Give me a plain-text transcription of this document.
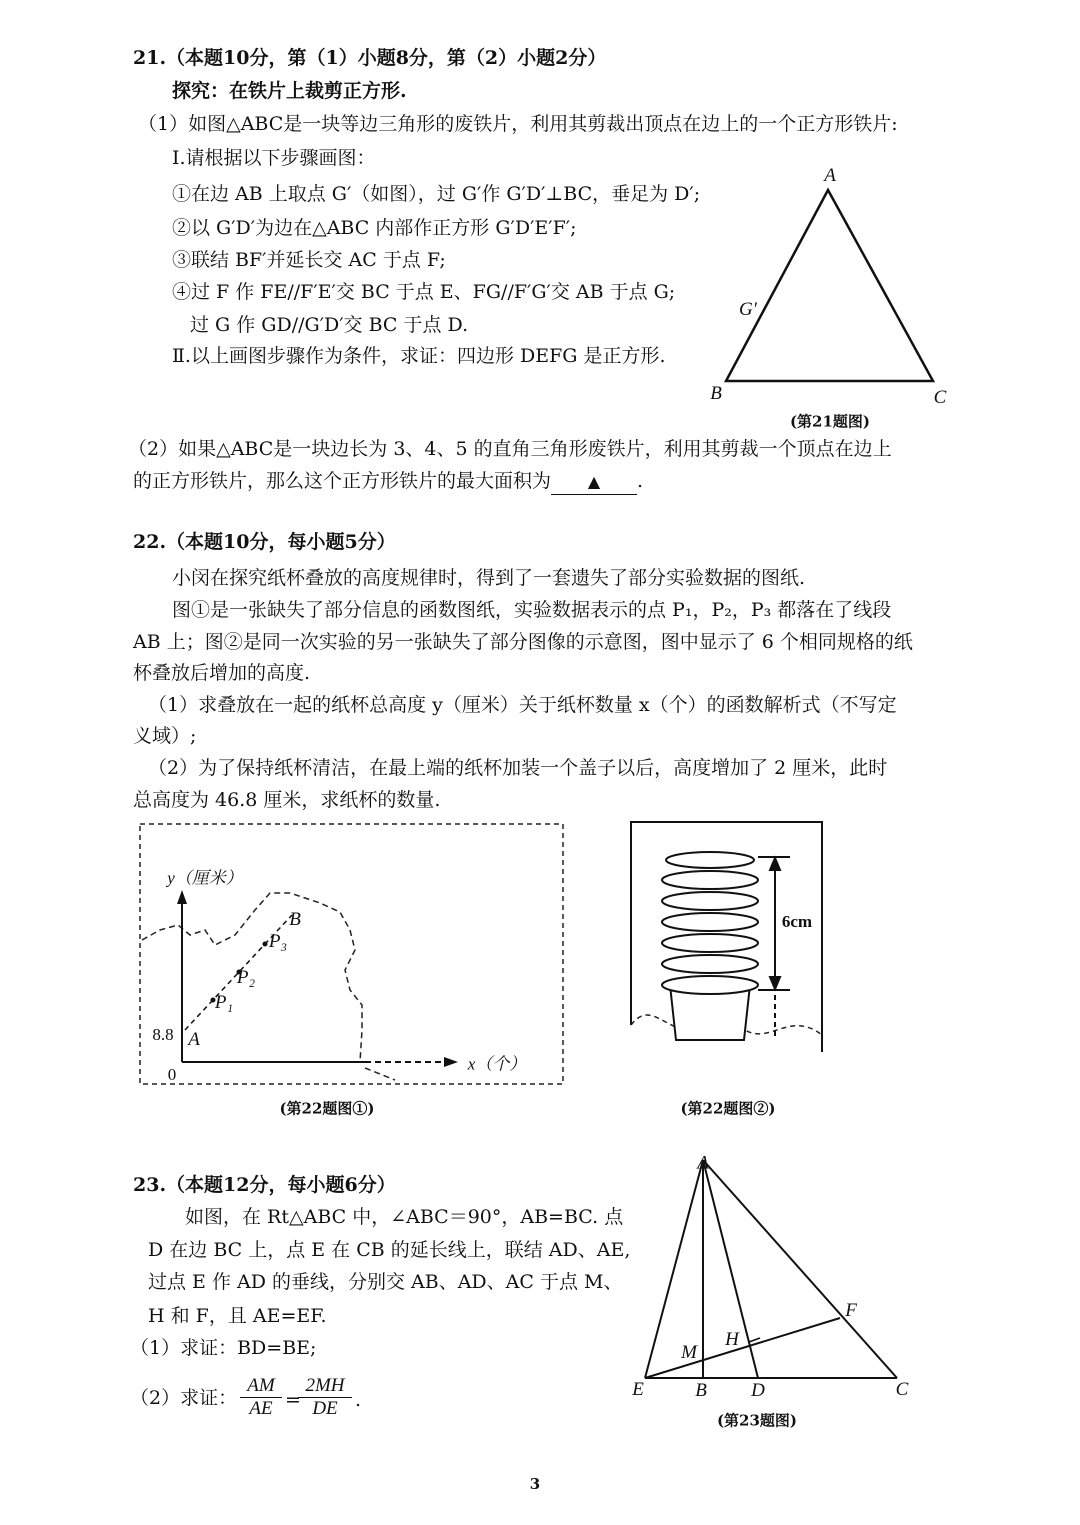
21.（本题10分，第（1）小题8分，第（2）小题2分）
探究：在铁片上裁剪正方形.
（1）如图△ABC是一块等边三角形的废铁片，利用其剪裁出顶点在边上的一个正方形铁片:
Ⅰ.请根据以下步骤画图：
①在边 AB 上取点 G′（如图），过 G′作 G′D′⊥BC，垂足为 D′;
②以 G′D′为边在△ABC 内部作正方形 G′D′E′F′;
③联结 BF′并延长交 AC 于点 F;
④过 F 作 FE//F′E′交 BC 于点 E、FG//F′G′交 AB 于点 G;
过 G 作 GD//G′D′交 BC 于点 D.
Ⅱ.以上画图步骤作为条件，求证：四边形 DEFG 是正方形.
（2）如果△ABC是一块边长为 3、4、5 的直角三角形废铁片，利用其剪裁一个顶点在边上
的正方形铁片，那么这个正方形铁片的最大面积为 ▲ .
A
G′
B	C
(第21题图)
22.（本题10分，每小题5分）
小闵在探究纸杯叠放的高度规律时，得到了一套遗失了部分实验数据的图纸.
图①是一张缺失了部分信息的函数图纸，实验数据表示的点 P₁，P₂，P₃ 都落在了线段
AB 上；图②是同一次实验的另一张缺失了部分图像的示意图，图中显示了 6 个相同规格的纸
杯叠放后增加的高度.
（1）求叠放在一起的纸杯总高度 y（厘米）关于纸杯数量 x（个）的函数解析式（不写定
义域）;
（2）为了保持纸杯清洁，在最上端的纸杯加装一个盖子以后，高度增加了 2 厘米，此时
总高度为 46.8 厘米，求纸杯的数量.
y（厘米）
x（个）
8.8
0
A
B
P₁
P₂
P₃
(第22题图①)
6cm
(第22题图②)
23.（本题12分，每小题6分）
如图，在 Rt△ABC 中，∠ABC＝90°，AB=BC. 点
D 在边 BC 上，点 E 在 CB 的延长线上，联结 AD、AE,
过点 E 作 AD 的垂线，分别交 AB、AD、AC 于点 M、
H 和 F，且 AE=EF.
（1）求证：BD=BE;
（2）求证： $\frac{AM}{AE}$ =
$\frac{2MH}{DE}$ .
A
E	B D	C
F
H
M
(第23题图)
3
